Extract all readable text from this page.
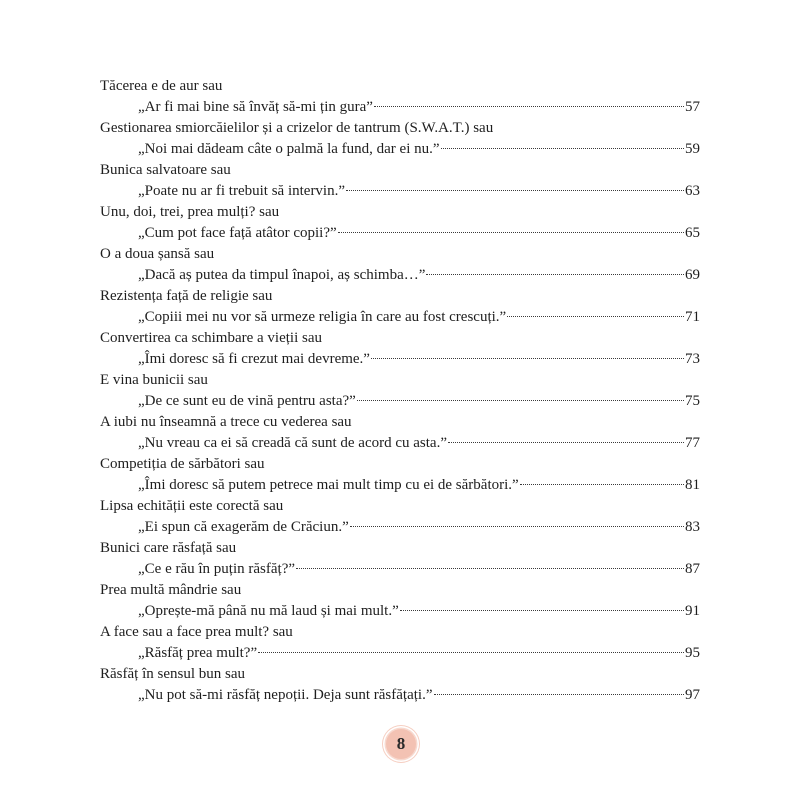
Tăcerea e de aur sau
„Ar fi mai bine să învăț să-mi țin gura”	57
Gestionarea smiorcăielilor și a crizelor de tantrum (S.W.A.T.) sau
„Noi mai dădeam câte o palmă la fund, dar ei nu.”	59
Bunica salvatoare sau
„Poate nu ar fi trebuit să intervin.”	63
Unu, doi, trei, prea mulți? sau
„Cum pot face față atâtor copii?”	65
O a doua șansă sau
„Dacă aș putea da timpul înapoi, aș schimba…”	69
Rezistența față de religie sau
„Copiii mei nu vor să urmeze religia în care au fost crescuți.”	71
Convertirea ca schimbare a vieții sau
„Îmi doresc să fi crezut mai devreme.”	73
E vina bunicii sau
„De ce sunt eu de vină pentru asta?”	75
A iubi nu înseamnă a trece cu vederea sau
„Nu vreau ca ei să creadă că sunt de acord cu asta.”	77
Competiția de sărbători sau
„Îmi doresc să putem petrece mai mult timp cu ei de sărbători.”	81
Lipsa echității este corectă sau
„Ei spun că exagerăm de Crăciun.”	83
Bunici care răsfață sau
„Ce e rău în puțin răsfăț?”	87
Prea multă mândrie sau
„Oprește-mă până nu mă laud și mai mult.”	91
A face sau a face prea mult? sau
„Răsfăț prea mult?”	95
Răsfăț în sensul bun sau
„Nu pot să-mi răsfăț nepoții. Deja sunt răsfățați.”	97
8
